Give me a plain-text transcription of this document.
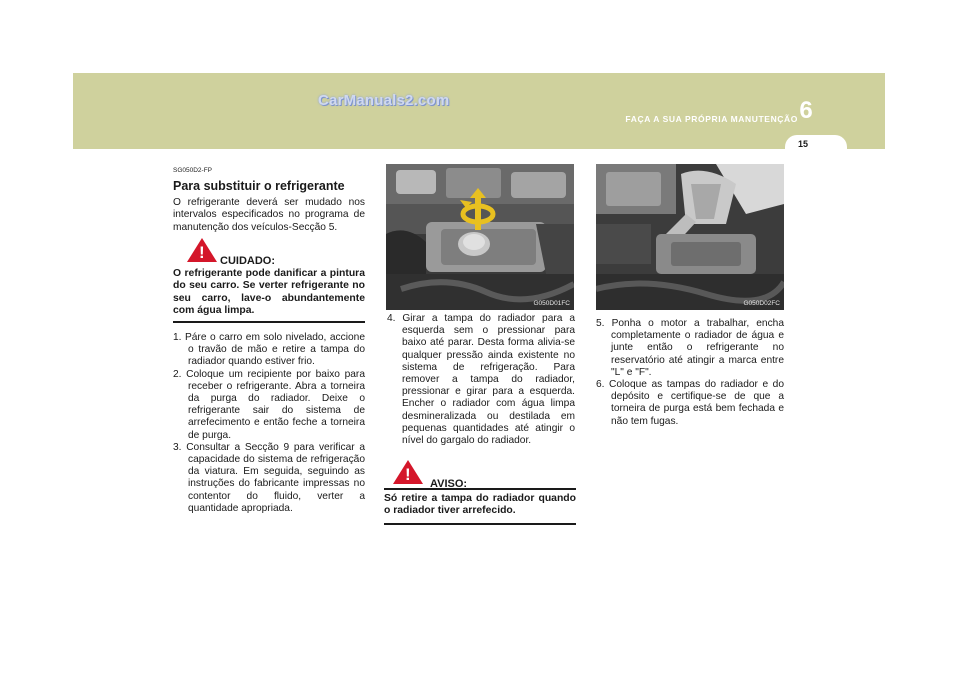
CarManuals2.com
FAÇA A SUA PRÓPRIA MANUTENÇÃO 6
15
SG050D2-FP
Para substituir o refrigerante
O refrigerante deverá ser mudado nos intervalos especificados no programa de manutenção dos veículos-Secção 5.
! CUIDADO:
O refrigerante pode danificar a pintura do seu carro. Se verter refrigerante no seu carro, lave-o abundantemente com água limpa.
1. Páre o carro em solo nivelado, accione o travão de mão e retire a tampa do radiador quando estiver frio.
2. Coloque um recipiente por baixo para receber o refrigerante. Abra a torneira da purga do radiador. Deixe o refrigerante sair do sistema de arrefecimento e então feche a torneira de purga.
3. Consultar a Secção 9 para verificar a capacidade do sistema de refrigeração da viatura. Em seguida, seguindo as instruções do fabricante impressas no contentor do fluido, verter a quantidade apropriada.
G050D01FC
4. Girar a tampa do radiador para a esquerda sem o pressionar para baixo até parar. Desta forma alivia-se qualquer pressão ainda existente no sistema de refrigeração. Para remover a tampa do radiador, pressionar e girar para a esquerda. Encher o radiador com água limpa desmineralizada ou destilada em pequenas quantidades até atingir o nível do gargalo do radiador.
! AVISO:
Só retire a tampa do radiador quando o radiador tiver arrefecido.
G050D02FC
5. Ponha o motor a trabalhar, encha completamente o radiador de água e junte então o refrigerante no reservatório até atingir a marca entre "L" e "F".
6. Coloque as tampas do radiador e do depósito e certifique-se de que a torneira de purga está bem fechada e não tem fugas.
